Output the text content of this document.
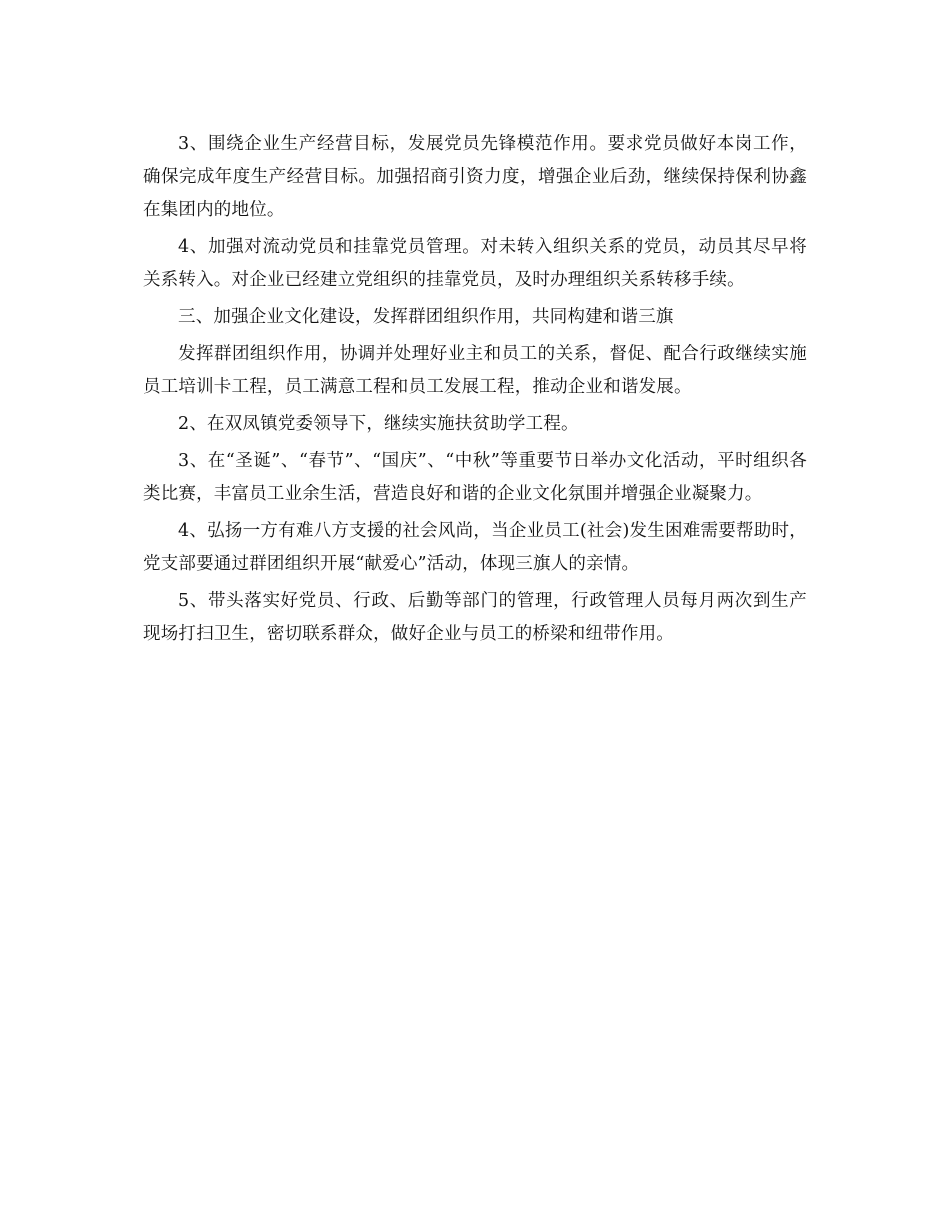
3、围绕企业生产经营目标，发展党员先锋模范作用。要求党员做好本岗工作，确保完成年度生产经营目标。加强招商引资力度，增强企业后劲，继续保持保利协鑫在集团内的地位。

4、加强对流动党员和挂靠党员管理。对未转入组织关系的党员，动员其尽早将关系转入。对企业已经建立党组织的挂靠党员，及时办理组织关系转移手续。

三、加强企业文化建设，发挥群团组织作用，共同构建和谐三旗

发挥群团组织作用，协调并处理好业主和员工的关系，督促、配合行政继续实施员工培训卡工程，员工满意工程和员工发展工程，推动企业和谐发展。

2、在双凤镇党委领导下，继续实施扶贫助学工程。

3、在“圣诞”、“春节”、“国庆”、“中秋”等重要节日举办文化活动，平时组织各类比赛，丰富员工业余生活，营造良好和谐的企业文化氛围并增强企业凝聚力。

4、弘扬一方有难八方支援的社会风尚，当企业员工(社会)发生困难需要帮助时，党支部要通过群团组织开展“献爱心”活动，体现三旗人的亲情。

5、带头落实好党员、行政、后勤等部门的管理，行政管理人员每月两次到生产现场打扫卫生，密切联系群众，做好企业与员工的桥梁和纽带作用。
